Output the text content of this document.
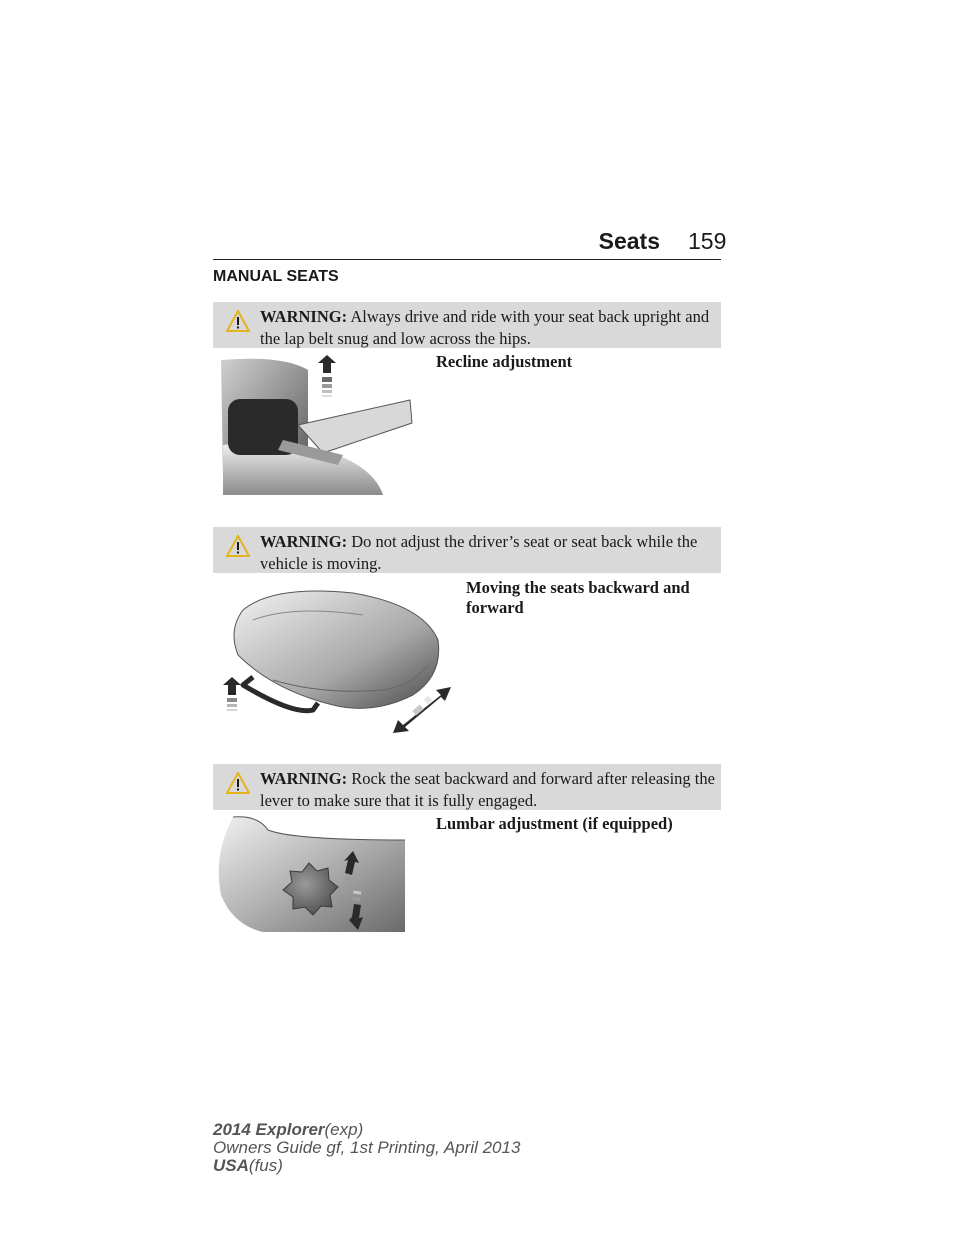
Seats 159
MANUAL SEATS
WARNING: Always drive and ride with your seat back upright and the lap belt snug and low across the hips.
Recline adjustment
WARNING: Do not adjust the driver’s seat or seat back while the vehicle is moving.
Moving the seats backward and forward
WARNING: Rock the seat backward and forward after releasing the lever to make sure that it is fully engaged.
Lumbar adjustment (if equipped)
2014 Explorer(exp)
Owners Guide gf, 1st Printing, April 2013
USA(fus)
